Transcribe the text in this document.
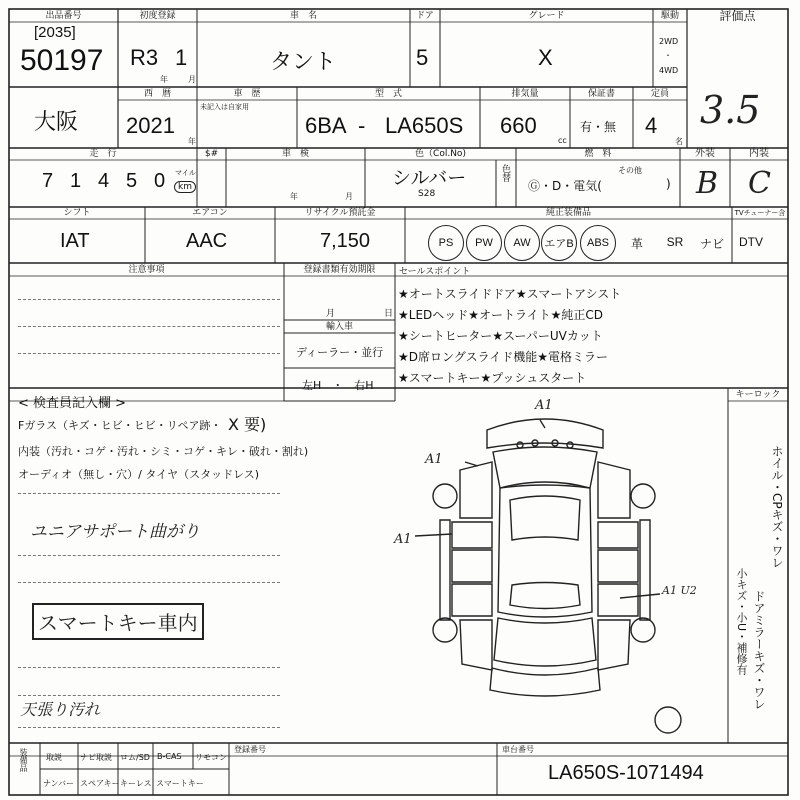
出品番号
[2035]
50197
初度登録
R3 1
年	月
車　名
タント
ドア
5
グレード
X
駆動
2WD
・
4WD
評価点
3.5
大阪
西　暦
2021
年
車　歴
未記入は自家用
型　式
6BA - LA650S
排気量
660
cc
保証書
有・無
定員
4
名
走　行
7 1 4 5 0 マイル
km
$#	車　検
年	月
色（Col.No)
シルバー
S28
色替
燃　料
Ⓖ・D・電気(
その他
)
外装
B
内装
C
シフト
IAT
エアコン
AAC
リサイクル預託金
7,150
純正装備品	TVチューナー含
PS	PW	AW	エアB	ABS	革	SR	ナビ	DTV
注意事項	登録書類有効期限
月	日
輸入車
ディーラー・並行
左H　・　右H
セールスポイント
★オートスライドドア★スマートアシスト
★LEDヘッド★オートライト★純正CD
★シートヒーター★スーパーUVカット
★D席ロングスライド機能★電格ミラー
★スマートキー★プッシュスタート
< 検査員記入欄 >
Fガラス（キズ・ヒビ・ヒビ・リペア跡・ X 要)
内装（汚れ・コゲ・汚れ・シミ・コゲ・キレ・破れ・割れ)
オーディオ（無し・穴）/ タイヤ（スタッドレス)
ユニアサポート曲がり
スマートキー車内
天張り汚れ
A1
A1
A1
A1 U2
キーロック
ホイル・CPキズ・ワレ
ドアミラーキズ・ワレ
小キズ・小U・補修有
装備品 取説 ナビ取説 ロム/SD B-CAS リモコン
ナンバー スペアキー キーレス スマートキー
登録番号	車台番号
LA650S-1071494
